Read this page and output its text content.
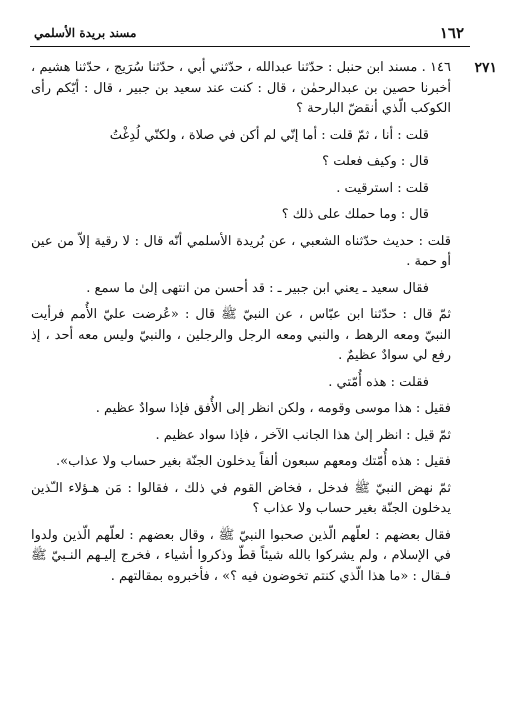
١٦٢
مسند بريدة الأسلمي
٢٧١

١٤٦ . مسند ابن حنبل : حدّثنا عبدالله ، حدّثني أبي ، حدّثنا سُرَيج ، حدّثنا هشيم ، أخبرنا حصين بن عبدالرحمٰن ، قال : كنت عند سعيد بن جبير ، قال : أيّكم رأى الكوكب الّذي أنقضّ البارحة ؟

قلت : أنا ، ثمّ قلت : أما إنّي لم أكن في صلاة ، ولكنّي لُدِغْتُ

قال : وكيف فعلت ؟

قلت : استرقيت .

قال : وما حملك على ذلك ؟

قلت : حديث حدّثناه الشعبي ، عن بُريدة الأسلمي أنّه قال : لا رقية إلاّ من عين أو حمة .

فقال سعيد ـ يعني ابن جبير ـ : قد أحسن من انتهى إلىٰ ما سمع .

ثمّ قال : حدّثنا ابن عبّاس ، عن النبيّ ﷺ قال : «عُرضت عليّ الأُمم فرأيت النبيّ ومعه الرهط ، والنبي ومعه الرجل والرجلين ، والنبيّ وليس معه أحد ، إذ رفع لي سوادٌ عظيمٌ .

فقلت : هذه أُمّتي .

فقيل : هذا موسى وقومه ، ولكن انظر إلى الأُفق فإذا سوادٌ عظيم .

ثمّ قيل : انظر إلىٰ هذا الجانب الآخر ، فإذا سواد عظيم .

فقيل : هذه أُمّتك ومعهم سبعون ألفاً يدخلون الجنّة بغير حساب ولا عذاب».

ثمّ نهض النبيّ ﷺ فدخل ، فخاض القوم في ذلك ، فقالوا : مَن هـؤلاء الـّذين يدخلون الجنّة بغير حساب ولا عذاب ؟

فقال بعضهم : لعلّهم الّذين صحبوا النبيّ ﷺ ، وقال بعضهم : لعلّهم الّذين ولدوا في الإسلام ، ولم يشركوا بالله شيئاً قطّ وذكروا أشياء ، فخرج إليـهم النـبيّ ﷺ فـقال : «ما هذا الّذي كنتم تخوضون فيه ؟» ، فأخبروه بمقالتهم .
